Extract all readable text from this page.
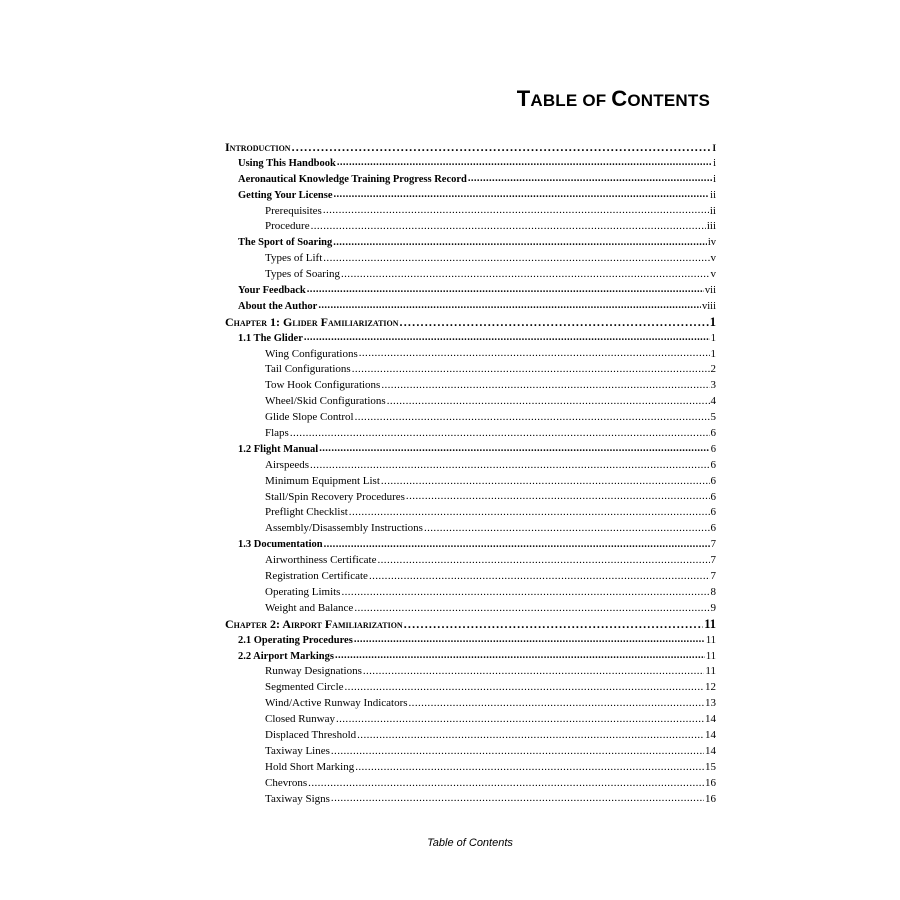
TABLE OF CONTENTS
Introduction .....	i
Using This Handbook .....	i
Aeronautical Knowledge Training Progress Record .....	i
Getting Your License .....	ii
Prerequisites .....	ii
Procedure .....	iii
The Sport of Soaring .....	iv
Types of Lift .....	v
Types of Soaring .....	v
Your Feedback .....	vii
About the Author .....	viii
Chapter 1: Glider Familiarization .....	1
1.1 The Glider .....	1
Wing Configurations .....	1
Tail Configurations .....	2
Tow Hook Configurations .....	3
Wheel/Skid Configurations .....	4
Glide Slope Control .....	5
Flaps .....	6
1.2 Flight Manual .....	6
Airspeeds .....	6
Minimum Equipment List .....	6
Stall/Spin Recovery Procedures .....	6
Preflight Checklist .....	6
Assembly/Disassembly Instructions .....	6
1.3 Documentation .....	7
Airworthiness Certificate .....	7
Registration Certificate .....	7
Operating Limits .....	8
Weight and Balance .....	9
Chapter 2: Airport Familiarization .....	11
2.1 Operating Procedures .....	11
2.2 Airport Markings .....	11
Runway Designations .....	11
Segmented Circle .....	12
Wind/Active Runway Indicators .....	13
Closed Runway .....	14
Displaced Threshold .....	14
Taxiway Lines .....	14
Hold Short Marking .....	15
Chevrons .....	16
Taxiway Signs .....	16
Table of Contents
